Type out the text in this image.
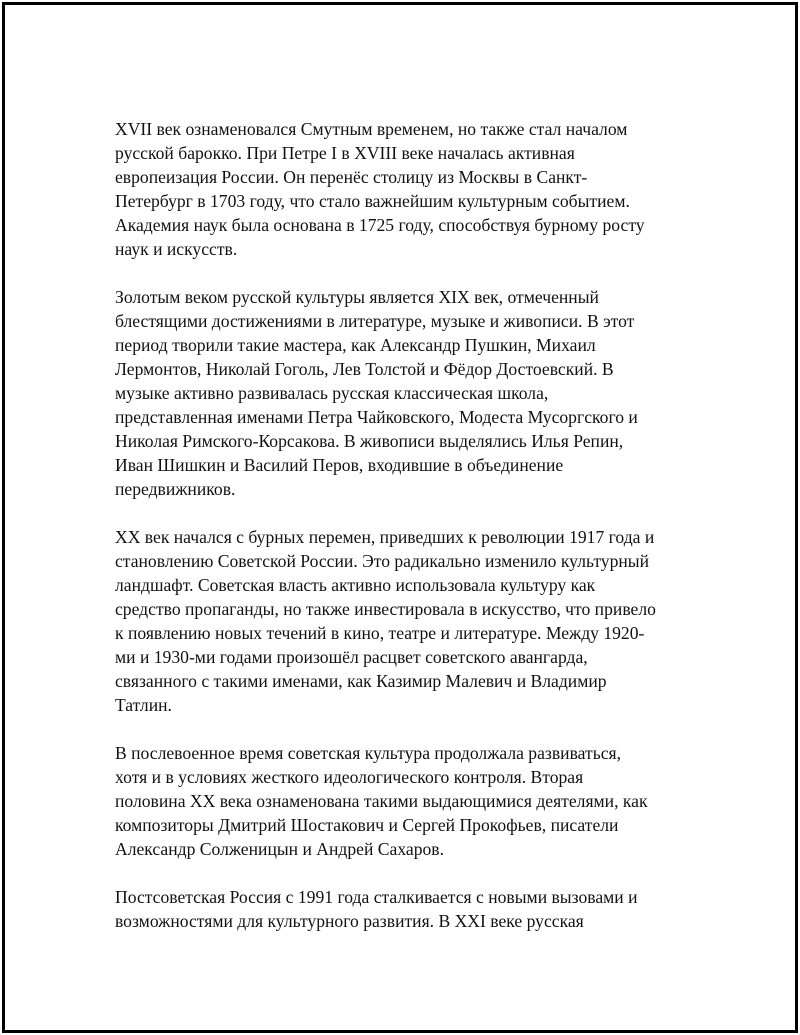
XVII век ознаменовался Смутным временем, но также стал началом
русской барокко. При Петре I в XVIII веке началась активная
европеизация России. Он перенёс столицу из Москвы в Санкт-
Петербург в 1703 году, что стало важнейшим культурным событием.
Академия наук была основана в 1725 году, способствуя бурному росту
наук и искусств.

Золотым веком русской культуры является XIX век, отмеченный
блестящими достижениями в литературе, музыке и живописи. В этот
период творили такие мастера, как Александр Пушкин, Михаил
Лермонтов, Николай Гоголь, Лев Толстой и Фёдор Достоевский. В
музыке активно развивалась русская классическая школа,
представленная именами Петра Чайковского, Модеста Мусоргского и
Николая Римского-Корсакова. В живописи выделялись Илья Репин,
Иван Шишкин и Василий Перов, входившие в объединение
передвижников.

XX век начался с бурных перемен, приведших к революции 1917 года и
становлению Советской России. Это радикально изменило культурный
ландшафт. Советская власть активно использовала культуру как
средство пропаганды, но также инвестировала в искусство, что привело
к появлению новых течений в кино, театре и литературе. Между 1920-
ми и 1930-ми годами произошёл расцвет советского авангарда,
связанного с такими именами, как Казимир Малевич и Владимир
Татлин.

В послевоенное время советская культура продолжала развиваться,
хотя и в условиях жесткого идеологического контроля. Вторая
половина XX века ознаменована такими выдающимися деятелями, как
композиторы Дмитрий Шостакович и Сергей Прокофьев, писатели
Александр Солженицын и Андрей Сахаров.

Постсоветская Россия с 1991 года сталкивается с новыми вызовами и
возможностями для культурного развития. В XXI веке русская
